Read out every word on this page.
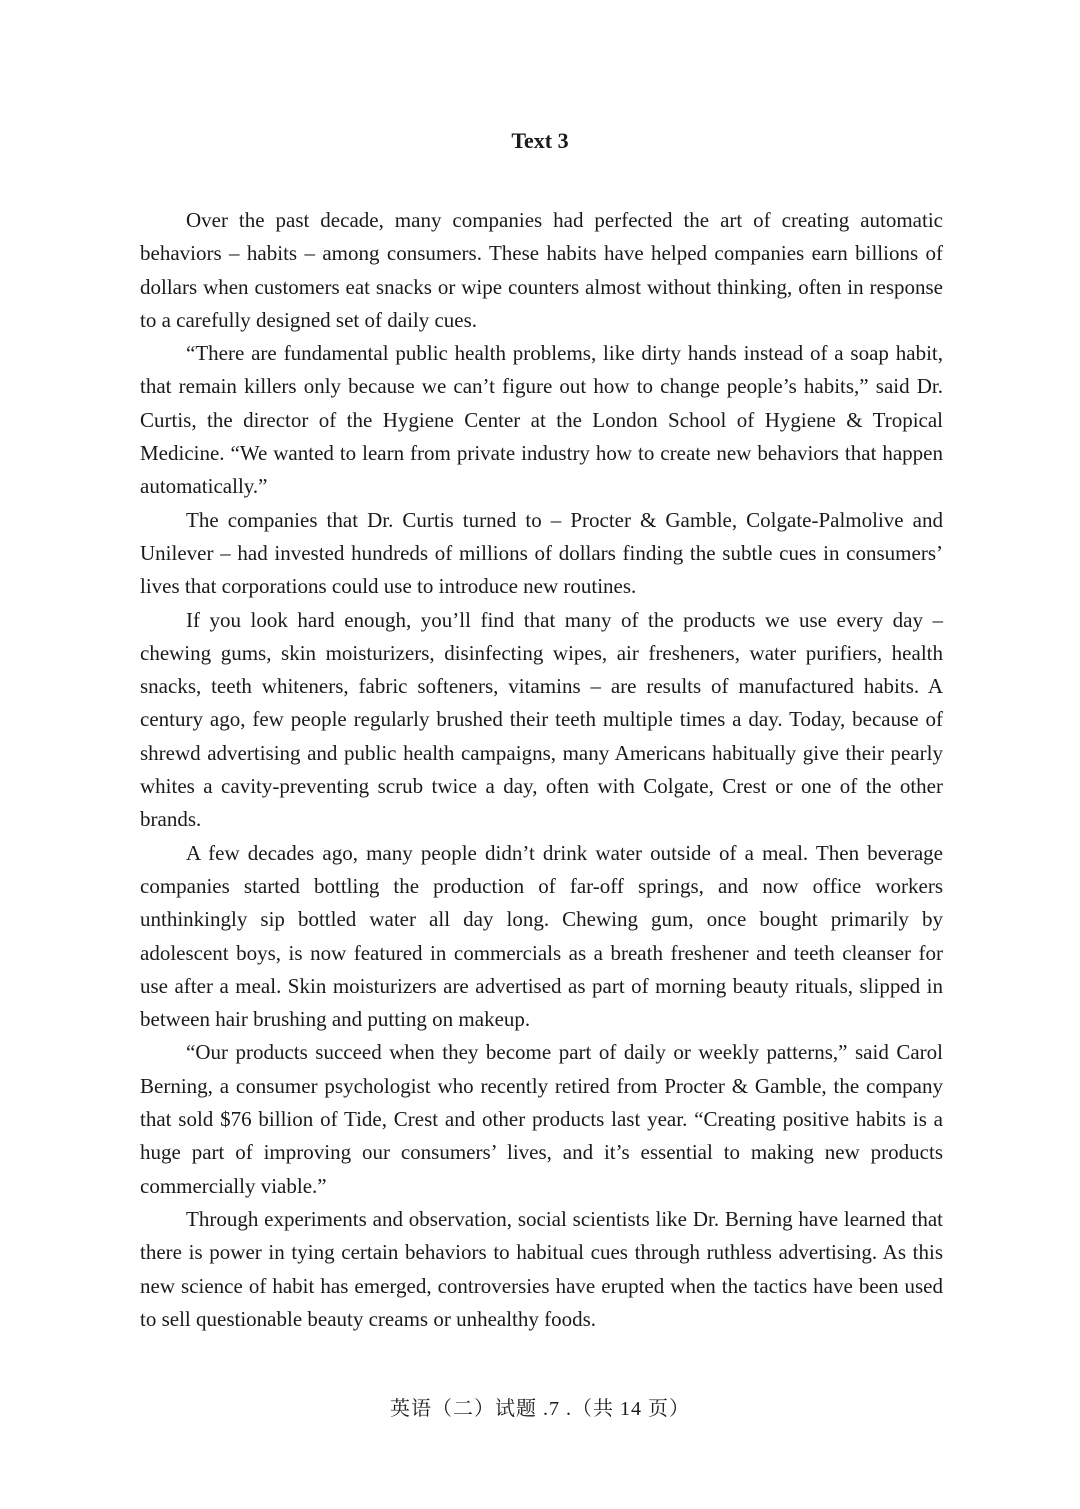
Text 3

Over the past decade, many companies had perfected the art of creating automatic behaviors – habits – among consumers. These habits have helped companies earn billions of dollars when customers eat snacks or wipe counters almost without thinking, often in response to a carefully designed set of daily cues.

“There are fundamental public health problems, like dirty hands instead of a soap habit, that remain killers only because we can’t figure out how to change people’s habits,” said Dr. Curtis, the director of the Hygiene Center at the London School of Hygiene & Tropical Medicine. “We wanted to learn from private industry how to create new behaviors that happen automatically.”

The companies that Dr. Curtis turned to – Procter & Gamble, Colgate-Palmolive and Unilever – had invested hundreds of millions of dollars finding the subtle cues in consumers’ lives that corporations could use to introduce new routines.

If you look hard enough, you’ll find that many of the products we use every day – chewing gums, skin moisturizers, disinfecting wipes, air fresheners, water purifiers, health snacks, teeth whiteners, fabric softeners, vitamins – are results of manufactured habits. A century ago, few people regularly brushed their teeth multiple times a day. Today, because of shrewd advertising and public health campaigns, many Americans habitually give their pearly whites a cavity-preventing scrub twice a day, often with Colgate, Crest or one of the other brands.

A few decades ago, many people didn’t drink water outside of a meal. Then beverage companies started bottling the production of far-off springs, and now office workers unthinkingly sip bottled water all day long. Chewing gum, once bought primarily by adolescent boys, is now featured in commercials as a breath freshener and teeth cleanser for use after a meal. Skin moisturizers are advertised as part of morning beauty rituals, slipped in between hair brushing and putting on makeup.

“Our products succeed when they become part of daily or weekly patterns,” said Carol Berning, a consumer psychologist who recently retired from Procter & Gamble, the company that sold $76 billion of Tide, Crest and other products last year. “Creating positive habits is a huge part of improving our consumers’ lives, and it’s essential to making new products commercially viable.”

Through experiments and observation, social scientists like Dr. Berning have learned that there is power in tying certain behaviors to habitual cues through ruthless advertising. As this new science of habit has emerged, controversies have erupted when the tactics have been used to sell questionable beauty creams or unhealthy foods.

英语（二）试题 .7 .（共 14 页）
